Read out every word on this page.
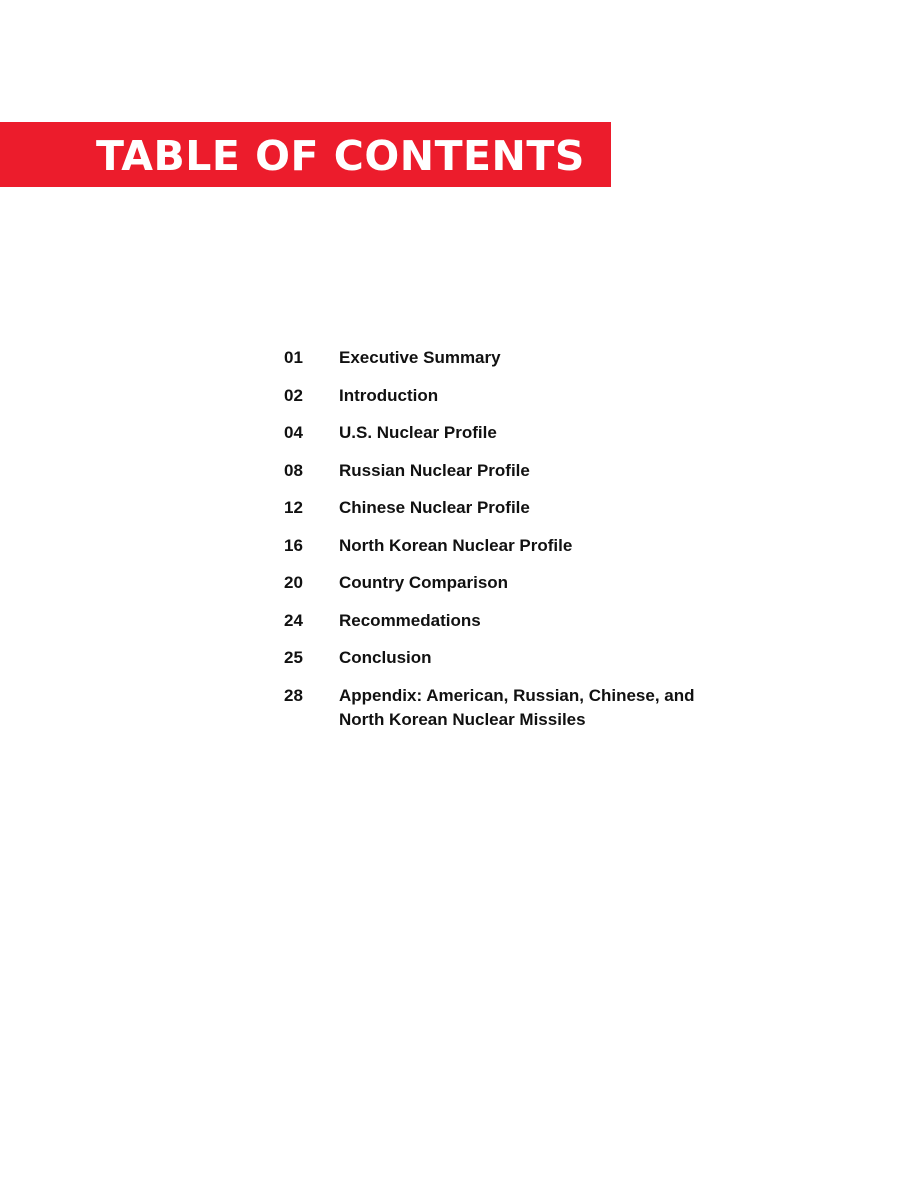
TABLE OF CONTENTS
01	Executive Summary
02	Introduction
04	U.S. Nuclear Profile
08	Russian Nuclear Profile
12	Chinese Nuclear Profile
16	North Korean Nuclear Profile
20	Country Comparison
24	Recommedations
25	Conclusion
28	Appendix: American, Russian, Chinese, and North Korean Nuclear Missiles
